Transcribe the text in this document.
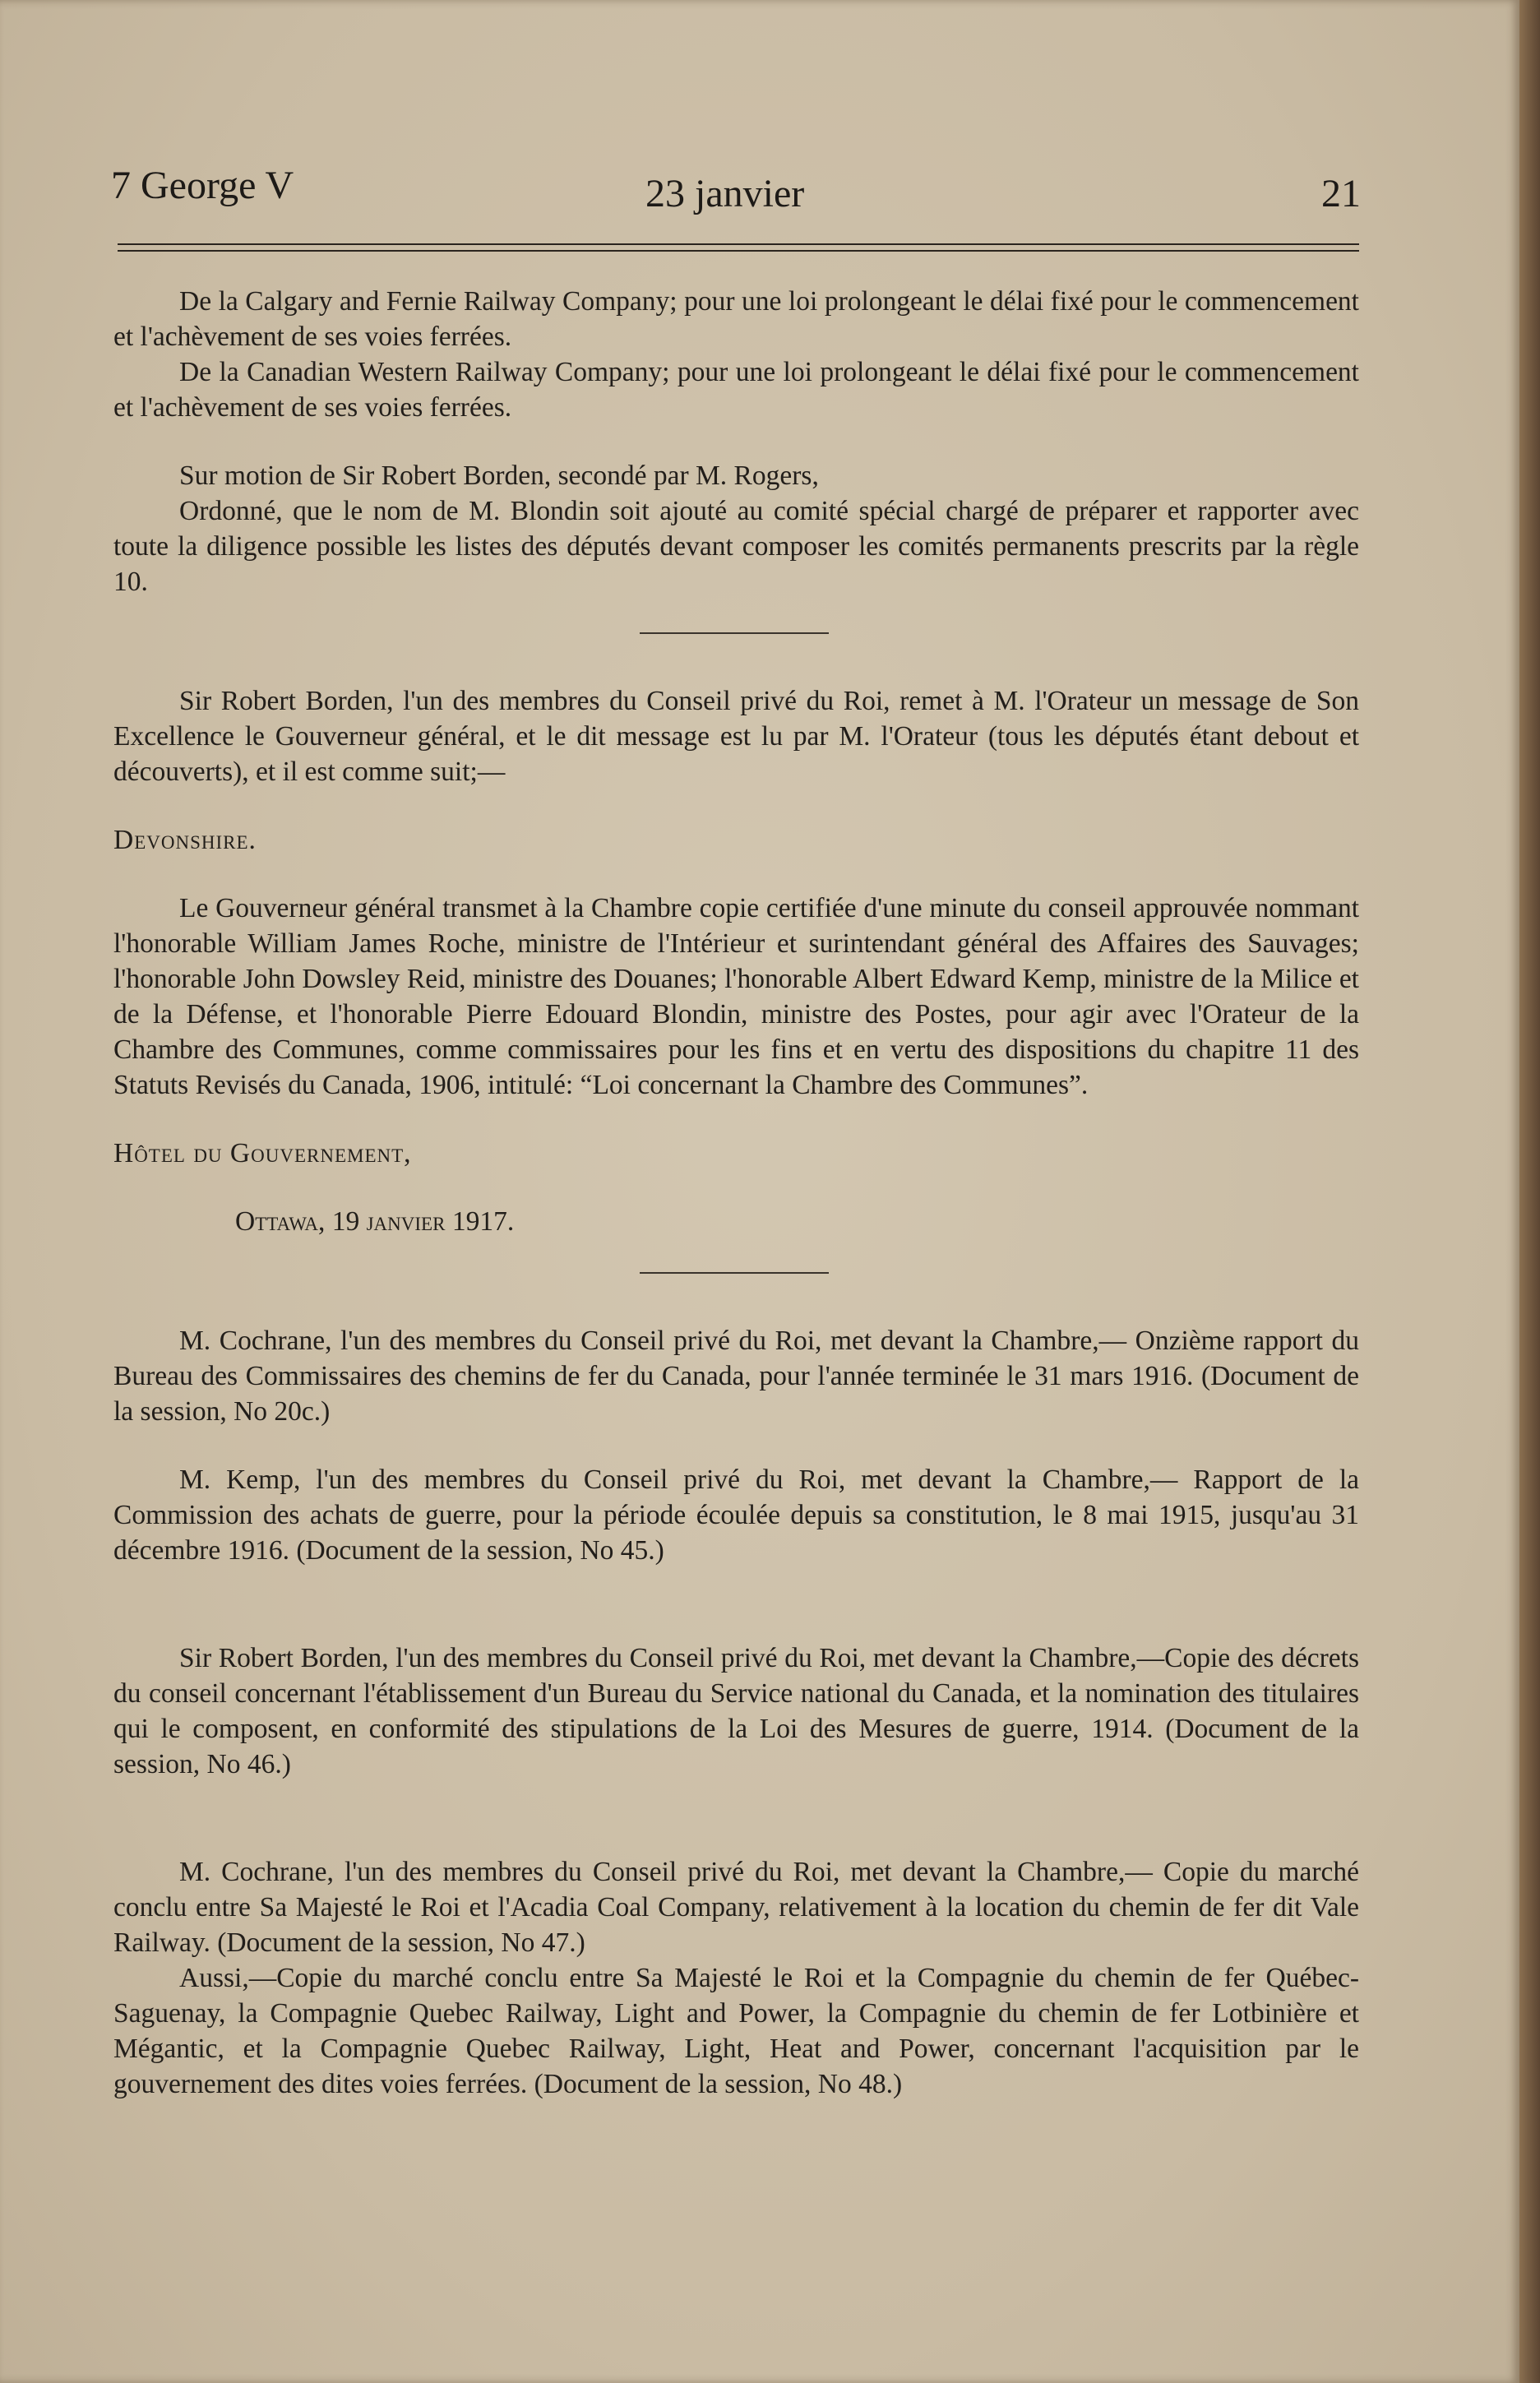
7 George V	23 janvier	21

De la Calgary and Fernie Railway Company; pour une loi prolongeant le délai fixé pour le commencement et l'achèvement de ses voies ferrées.

De la Canadian Western Railway Company; pour une loi prolongeant le délai fixé pour le commencement et l'achèvement de ses voies ferrées.

Sur motion de Sir Robert Borden, secondé par M. Rogers,

Ordonné, que le nom de M. Blondin soit ajouté au comité spécial chargé de préparer et rapporter avec toute la diligence possible les listes des députés devant composer les comités permanents prescrits par la règle 10.

Sir Robert Borden, l'un des membres du Conseil privé du Roi, remet à M. l'Orateur un message de Son Excellence le Gouverneur général, et le dit message est lu par M. l'Orateur (tous les députés étant debout et découverts), et il est comme suit;—

Devonshire.

Le Gouverneur général transmet à la Chambre copie certifiée d'une minute du conseil approuvée nommant l'honorable William James Roche, ministre de l'Intérieur et surintendant général des Affaires des Sauvages; l'honorable John Dowsley Reid, ministre des Douanes; l'honorable Albert Edward Kemp, ministre de la Milice et de la Défense, et l'honorable Pierre Edouard Blondin, ministre des Postes, pour agir avec l'Orateur de la Chambre des Communes, comme commissaires pour les fins et en vertu des dispositions du chapitre 11 des Statuts Revisés du Canada, 1906, intitulé: “Loi concernant la Chambre des Communes”.

Hôtel du Gouvernement,

Ottawa, 19 janvier 1917.

M. Cochrane, l'un des membres du Conseil privé du Roi, met devant la Chambre,— Onzième rapport du Bureau des Commissaires des chemins de fer du Canada, pour l'année terminée le 31 mars 1916. (Document de la session, No 20c.)

M. Kemp, l'un des membres du Conseil privé du Roi, met devant la Chambre,— Rapport de la Commission des achats de guerre, pour la période écoulée depuis sa constitution, le 8 mai 1915, jusqu'au 31 décembre 1916. (Document de la session, No 45.)

Sir Robert Borden, l'un des membres du Conseil privé du Roi, met devant la Chambre,—Copie des décrets du conseil concernant l'établissement d'un Bureau du Service national du Canada, et la nomination des titulaires qui le composent, en conformité des stipulations de la Loi des Mesures de guerre, 1914. (Document de la session, No 46.)

M. Cochrane, l'un des membres du Conseil privé du Roi, met devant la Chambre,— Copie du marché conclu entre Sa Majesté le Roi et l'Acadia Coal Company, relativement à la location du chemin de fer dit Vale Railway. (Document de la session, No 47.)

Aussi,—Copie du marché conclu entre Sa Majesté le Roi et la Compagnie du chemin de fer Québec-Saguenay, la Compagnie Quebec Railway, Light and Power, la Compagnie du chemin de fer Lotbinière et Mégantic, et la Compagnie Quebec Railway, Light, Heat and Power, concernant l'acquisition par le gouvernement des dites voies ferrées. (Document de la session, No 48.)
